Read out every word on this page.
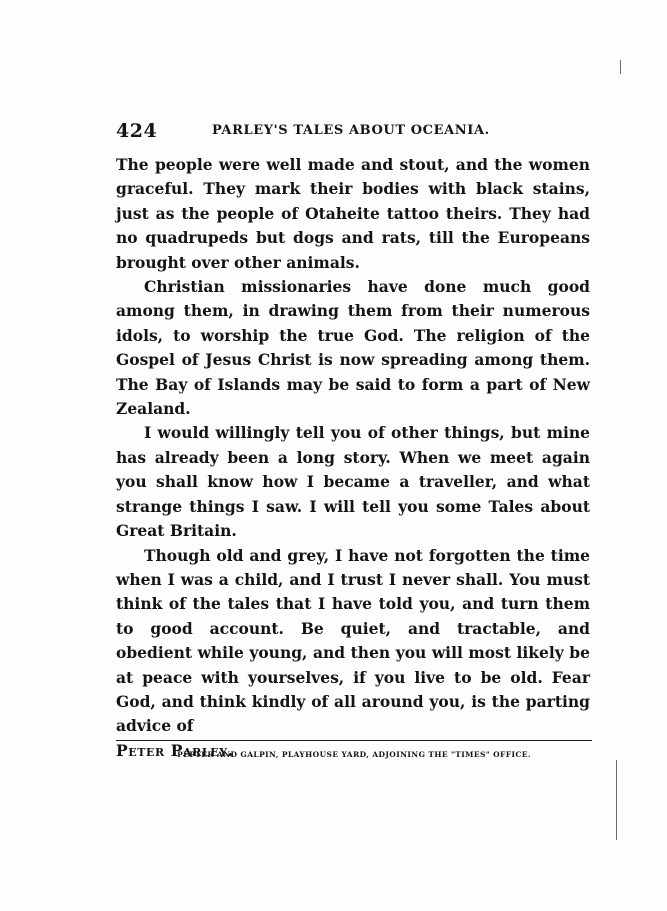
424	PARLEY'S TALES ABOUT OCEANIA.

The people were well made and stout, and the women graceful. They mark their bodies with black stains, just as the people of Otaheite tattoo theirs. They had no quadrupeds but dogs and rats, till the Europeans brought over other animals.

Christian missionaries have done much good among them, in drawing them from their numerous idols, to worship the true God. The religion of the Gospel of Jesus Christ is now spreading among them. The Bay of Islands may be said to form a part of New Zealand.

I would willingly tell you of other things, but mine has already been a long story. When we meet again you shall know how I became a traveller, and what strange things I saw. I will tell you some Tales about Great Britain.

Though old and grey, I have not forgotten the time when I was a child, and I trust I never shall. You must think of the tales that I have told you, and turn them to good account. Be quiet, and tractable, and obedient while young, and then you will most likely be at peace with yourselves, if you live to be old. Fear God, and think kindly of all around you, is the parting advice of
Peter Parley.

PEPTER AND GALPIN, PLAYHOUSE YARD, ADJOINING THE "TIMES" OFFICE.
